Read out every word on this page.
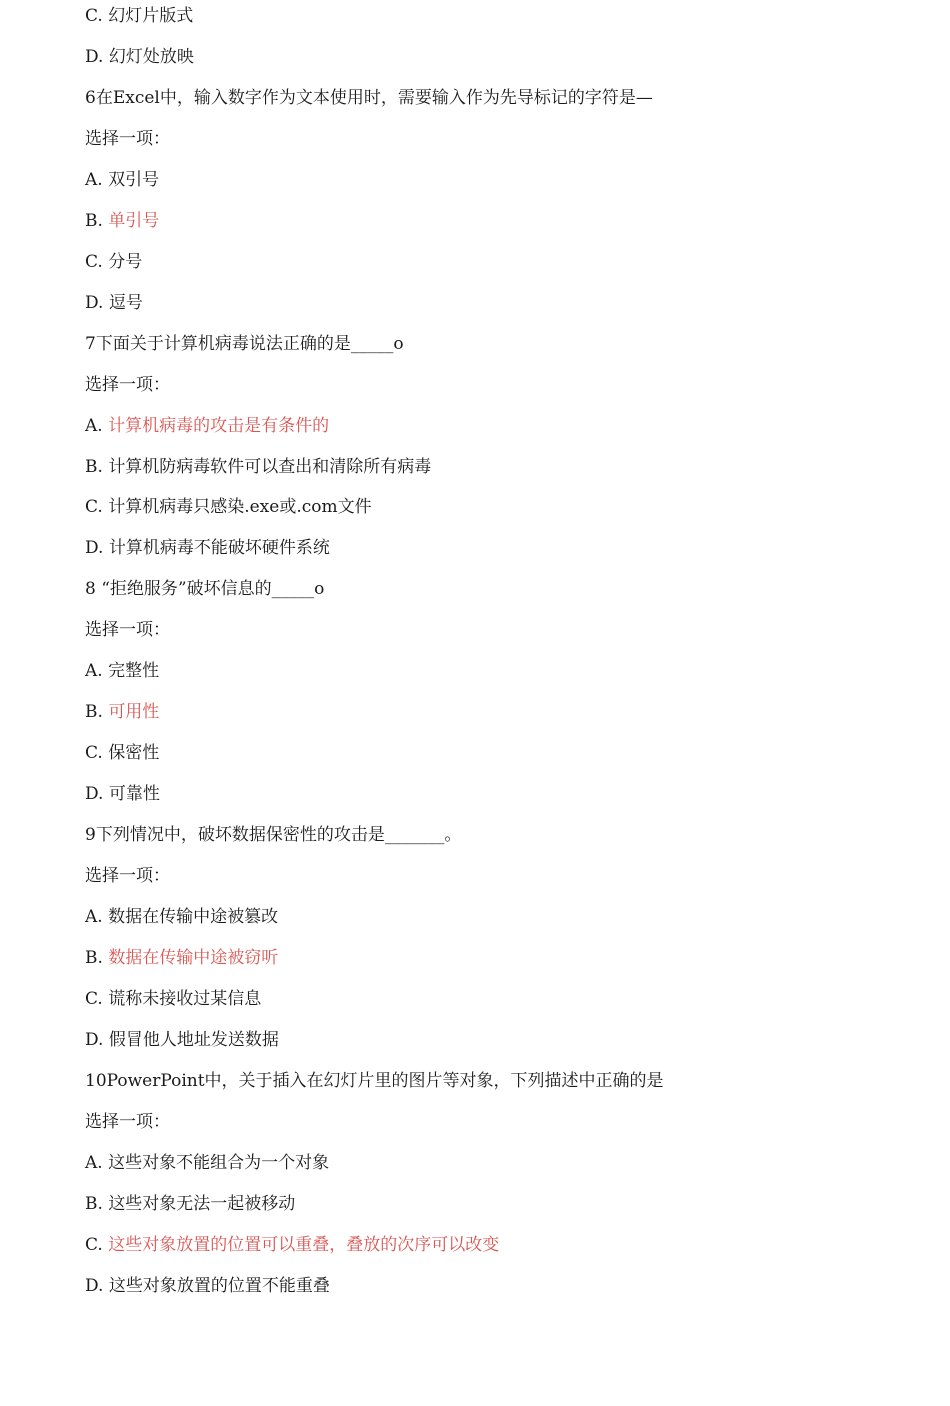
C. 幻灯片版式
D. 幻灯处放映
6在Excel中，输入数字作为文本使用时，需要输入作为先导标记的字符是—
选择一项：
A. 双引号
B. 单引号
C. 分号
D. 逗号
7下面关于计算机病毒说法正确的是_____o
选择一项：
A. 计算机病毒的攻击是有条件的
B. 计算机防病毒软件可以查出和清除所有病毒
C. 计算机病毒只感染.exe或.com文件
D. 计算机病毒不能破坏硬件系统
8 “拒绝服务”破坏信息的_____o
选择一项：
A. 完整性
B. 可用性
C. 保密性
D. 可靠性
9下列情况中，破坏数据保密性的攻击是_______。
选择一项：
A. 数据在传输中途被篡改
B. 数据在传输中途被窃听
C. 谎称未接收过某信息
D. 假冒他人地址发送数据
10PowerPoint中，关于插入在幻灯片里的图片等对象，下列描述中正确的是
选择一项：
A. 这些对象不能组合为一个对象
B. 这些对象无法一起被移动
C. 这些对象放置的位置可以重叠，叠放的次序可以改变
D. 这些对象放置的位置不能重叠
